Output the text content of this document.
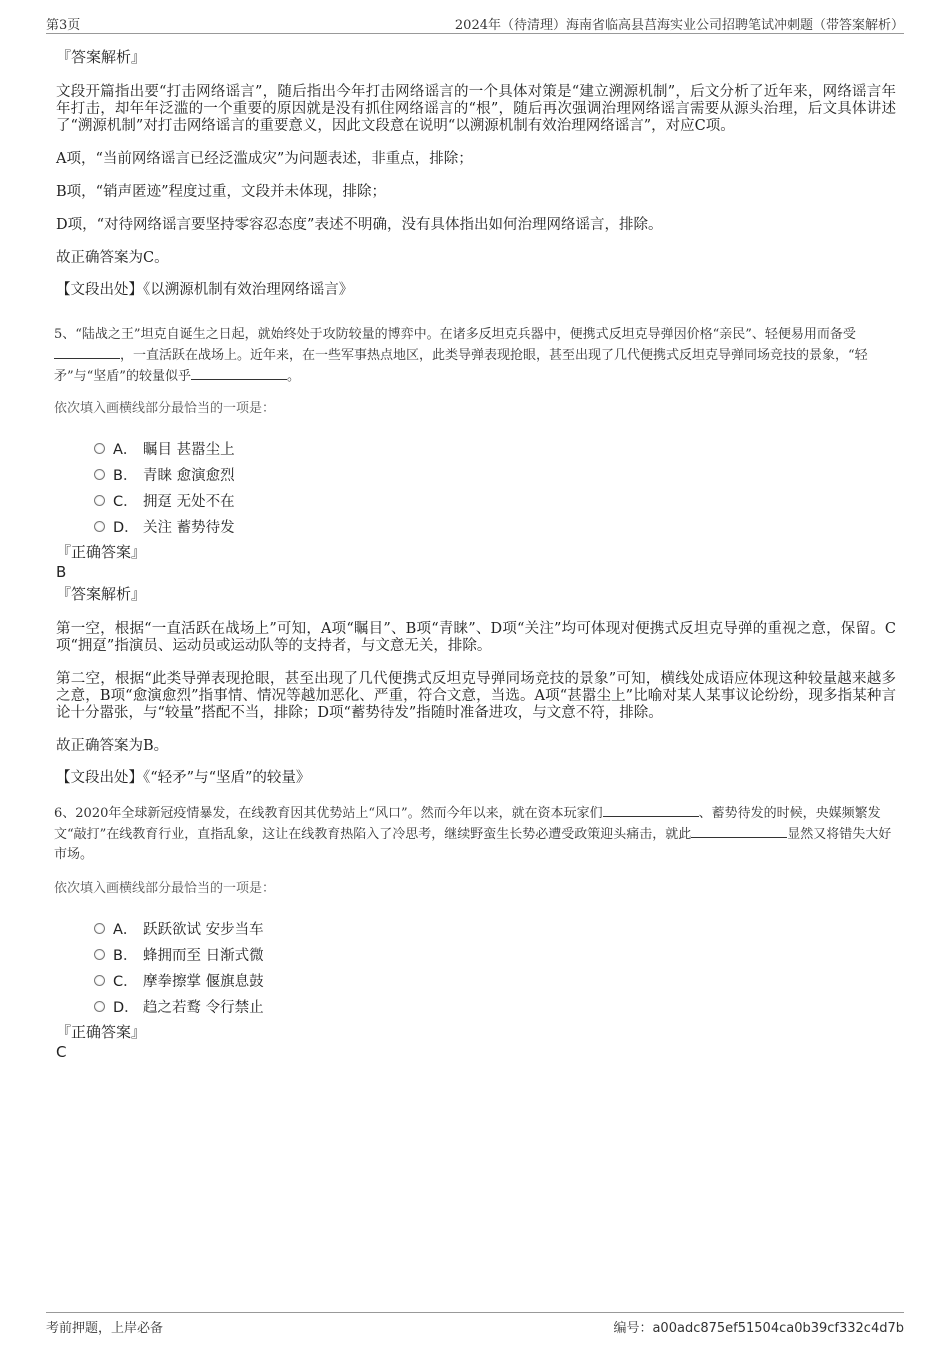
第3页	2024年（待清理）海南省临高县莒海实业公司招聘笔试冲刺题（带答案解析）
『答案解析』
文段开篇指出要“打击网络谣言”，随后指出今年打击网络谣言的一个具体对策是“建立溯源机制”，后文分析了近年来，网络谣言年年打击，却年年泛滥的一个重要的原因就是没有抓住网络谣言的“根”，随后再次强调治理网络谣言需要从源头治理，后文具体讲述了“溯源机制”对打击网络谣言的重要意义，因此文段意在说明“以溯源机制有效治理网络谣言”，对应C项。
A项，“当前网络谣言已经泛滥成灾”为问题表述，非重点，排除；
B项，“销声匿迹”程度过重，文段并未体现，排除；
D项，“对待网络谣言要坚持零容忍态度”表述不明确，没有具体指出如何治理网络谣言，排除。
故正确答案为C。
【文段出处】《以溯源机制有效治理网络谣言》
5、“陆战之王”坦克自诞生之日起，就始终处于攻防较量的博弈中。在诸多反坦克兵器中，便携式反坦克导弹因价格“亲民”、轻便易用而备受，一直活跃在战场上。近年来，在一些军事热点地区，此类导弹表现抢眼，甚至出现了几代便携式反坦克导弹同场竞技的景象，“轻矛”与“坚盾”的较量似乎	。
依次填入画横线部分最恰当的一项是：
A． 瞩目 甚嚣尘上
B． 青睐 愈演愈烈
C． 拥趸 无处不在
D． 关注 蓄势待发
『正确答案』
B
『答案解析』
第一空，根据“一直活跃在战场上”可知，A项“瞩目”、B项“青睐”、D项“关注”均可体现对便携式反坦克导弹的重视之意，保留。C项“拥趸”指演员、运动员或运动队等的支持者，与文意无关，排除。
第二空，根据“此类导弹表现抢眼，甚至出现了几代便携式反坦克导弹同场竞技的景象”可知，横线处成语应体现这种较量越来越多之意，B项“愈演愈烈”指事情、情况等越加恶化、严重，符合文意，当选。A项“甚嚣尘上”比喻对某人某事议论纷纷，现多指某种言论十分嚣张，与“较量”搭配不当，排除；D项“蓄势待发”指随时准备进攻，与文意不符，排除。
故正确答案为B。
【文段出处】《“轻矛”与“坚盾”的较量》
6、2020年全球新冠疫情暴发，在线教育因其优势站上“风口”。然而今年以来，就在资本玩家们	、蓄势待发的时候，央媒频繁发文“敲打”在线教育行业，直指乱象，这让在线教育热陷入了冷思考，继续野蛮生长势必遭受政策迎头痛击，就此	显然又将错失大好市场。
依次填入画横线部分最恰当的一项是：
A． 跃跃欲试 安步当车
B． 蜂拥而至 日渐式微
C． 摩拳擦掌 偃旗息鼓
D． 趋之若鹜 令行禁止
『正确答案』
C
考前押题，上岸必备	编号：a00adc875ef51504ca0b39cf332c4d7b
